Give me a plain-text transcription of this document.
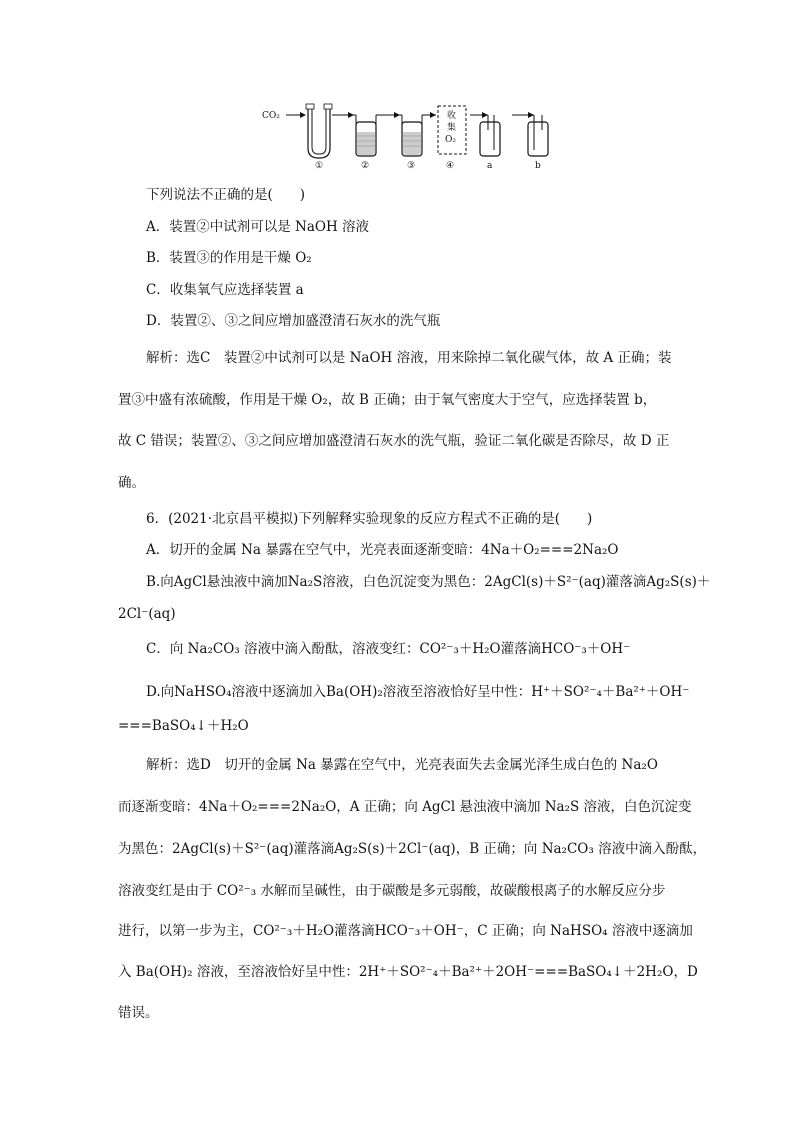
CO₂	收
集
O₂
①	②	③	④	a	b
下列说法不正确的是(　　)
A．装置②中试剂可以是 NaOH 溶液
B．装置③的作用是干燥 O₂
C．收集氧气应选择装置 a
D．装置②、③之间应增加盛澄清石灰水的洗气瓶
解析：选C　装置②中试剂可以是 NaOH 溶液，用来除掉二氧化碳气体，故 A 正确；装
置③中盛有浓硫酸，作用是干燥 O₂，故 B 正确；由于氧气密度大于空气，应选择装置 b，
故 C 错误；装置②、③之间应增加盛澄清石灰水的洗气瓶，验证二氧化碳是否除尽，故 D 正
确。
6．(2021·北京昌平模拟)下列解释实验现象的反应方程式不正确的是(　　)
A．切开的金属 Na 暴露在空气中，光亮表面逐渐变暗：4Na＋O₂===2Na₂O
B.向AgCl悬浊液中滴加Na₂S溶液，白色沉淀变为黑色：2AgCl(s)＋S²⁻(aq)灌落滴Ag₂S(s)＋
2Cl⁻(aq)
C．向 Na₂CO₃ 溶液中滴入酚酞，溶液变红：CO²⁻₃＋H₂O灌落滴HCO⁻₃＋OH⁻
D.向NaHSO₄溶液中逐滴加入Ba(OH)₂溶液至溶液恰好呈中性：H⁺＋SO²⁻₄＋Ba²⁺＋OH⁻
===BaSO₄↓＋H₂O
解析：选D　切开的金属 Na 暴露在空气中，光亮表面失去金属光泽生成白色的 Na₂O
而逐渐变暗：4Na＋O₂===2Na₂O，A 正确；向 AgCl 悬浊液中滴加 Na₂S 溶液，白色沉淀变
为黑色：2AgCl(s)＋S²⁻(aq)灌落滴Ag₂S(s)＋2Cl⁻(aq)，B 正确；向 Na₂CO₃ 溶液中滴入酚酞，
溶液变红是由于 CO²⁻₃ 水解而呈碱性，由于碳酸是多元弱酸，故碳酸根离子的水解反应分步
进行，以第一步为主，CO²⁻₃＋H₂O灌落滴HCO⁻₃＋OH⁻，C 正确；向 NaHSO₄ 溶液中逐滴加
入 Ba(OH)₂ 溶液，至溶液恰好呈中性：2H⁺＋SO²⁻₄＋Ba²⁺＋2OH⁻===BaSO₄↓＋2H₂O，D
错误。
